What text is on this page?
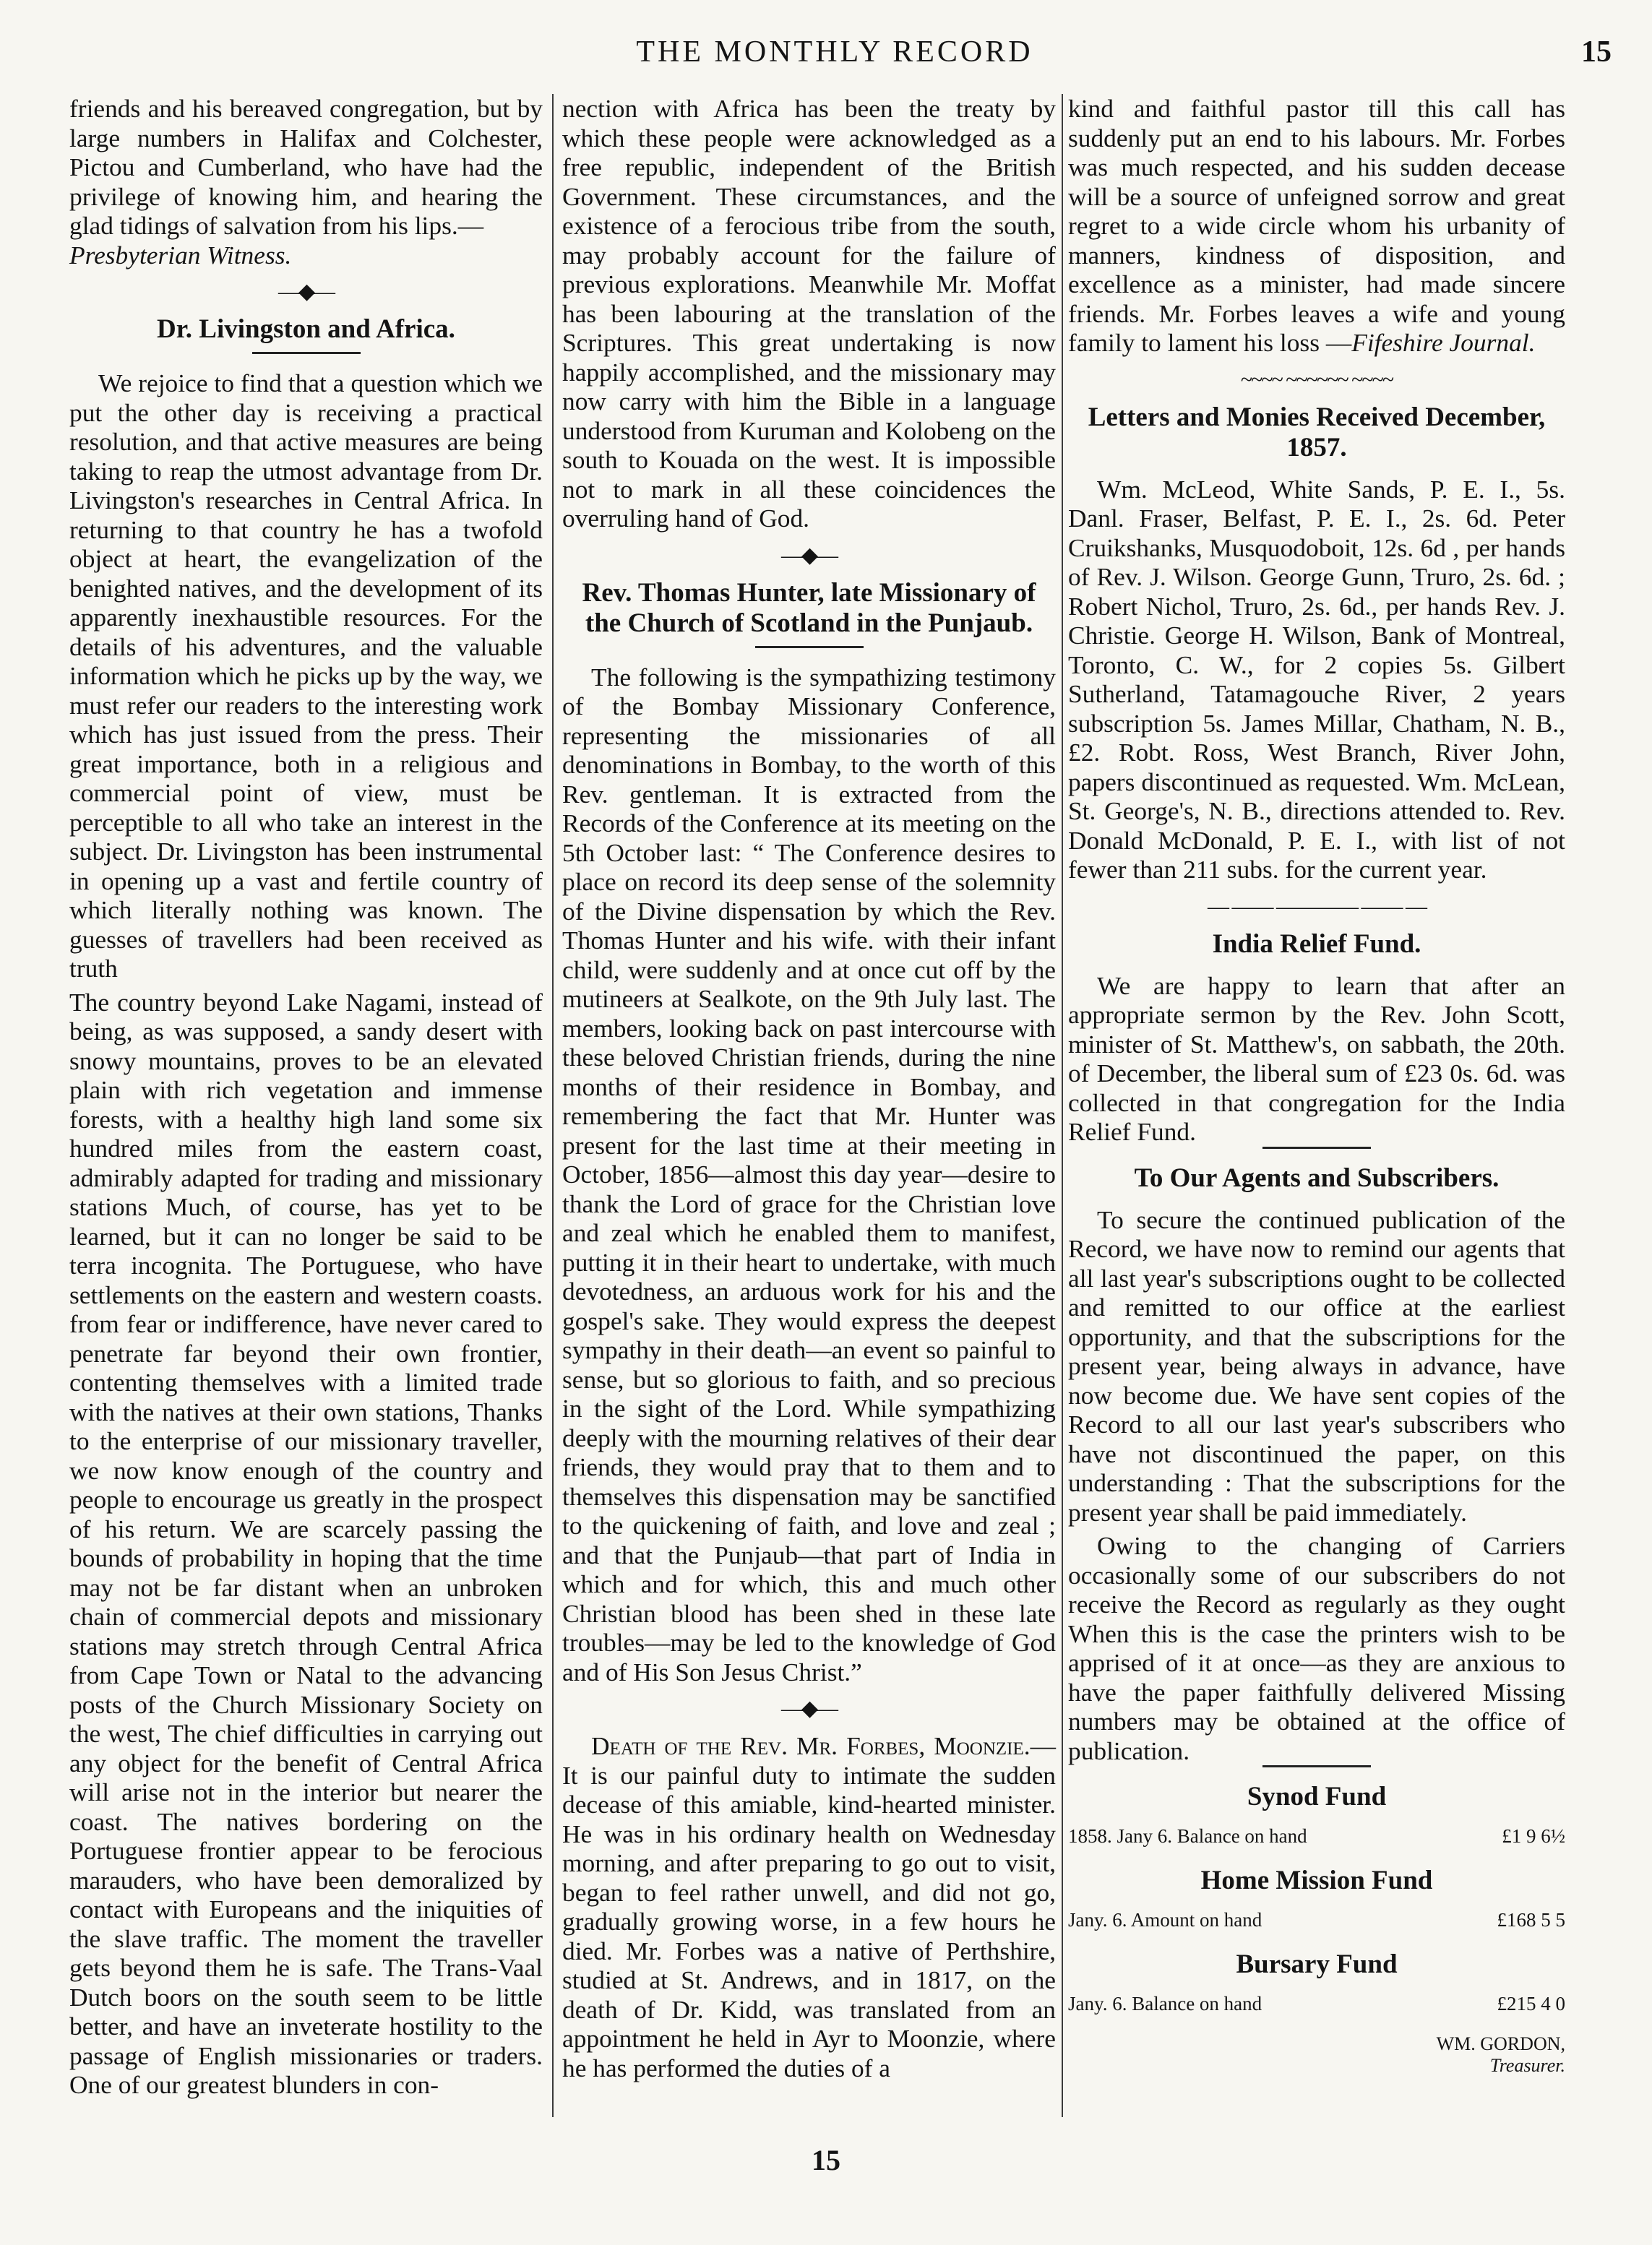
THE MONTHLY RECORD	15

friends and his bereaved congregation, but by large numbers in Halifax and Colchester, Pictou and Cumberland, who have had the privilege of knowing him, and hearing the glad tidings of salvation from his lips.—
Presbyterian Witness.

—◆—
Dr. Livingston and Africa.

We rejoice to find that a question which we put the other day is receiving a practical resolution, and that active measures are being taking to reap the utmost advantage from Dr. Livingston's researches in Central Africa. In returning to that country he has a twofold object at heart, the evangelization of the benighted natives, and the development of its apparently inexhaustible resources. For the details of his adventures, and the valuable information which he picks up by the way, we must refer our readers to the interesting work which has just issued from the press. Their great importance, both in a religious and commercial point of view, must be perceptible to all who take an interest in the subject. Dr. Livingston has been instrumental in opening up a vast and fertile country of which literally nothing was known. The guesses of travellers had been received as truth

The country beyond Lake Nagami, instead of being, as was supposed, a sandy desert with snowy mountains, proves to be an elevated plain with rich vegetation and immense forests, with a healthy high land some six hundred miles from the eastern coast, admirably adapted for trading and missionary stations Much, of course, has yet to be learned, but it can no longer be said to be terra incognita. The Portuguese, who have settlements on the eastern and western coasts. from fear or indifference, have never cared to penetrate far beyond their own frontier, contenting themselves with a limited trade with the natives at their own stations, Thanks to the enterprise of our missionary traveller, we now know enough of the country and people to encourage us greatly in the prospect of his return. We are scarcely passing the bounds of probability in hoping that the time may not be far distant when an unbroken chain of commercial depots and missionary stations may stretch through Central Africa from Cape Town or Natal to the advancing posts of the Church Missionary Society on the west, The chief difficulties in carrying out any object for the benefit of Central Africa will arise not in the interior but nearer the coast. The natives bordering on the Portuguese frontier appear to be ferocious marauders, who have been demoralized by contact with Europeans and the iniquities of the slave traffic. The moment the traveller gets beyond them he is safe. The Trans-Vaal Dutch boors on the south seem to be little better, and have an inveterate hostility to the passage of English missionaries or traders. One of our greatest blunders in con-

nection with Africa has been the treaty by which these people were acknowledged as a free republic, independent of the British Government. These circumstances, and the existence of a ferocious tribe from the south, may probably account for the failure of previous explorations. Meanwhile Mr. Moffat has been labouring at the translation of the Scriptures. This great undertaking is now happily accomplished, and the missionary may now carry with him the Bible in a language understood from Kuruman and Kolobeng on the south to Kouada on the west. It is impossible not to mark in all these coincidences the overruling hand of God.

—◆—
Rev. Thomas Hunter, late Missionary of the Church of Scotland in the Punjaub.

The following is the sympathizing testimony of the Bombay Missionary Conference, representing the missionaries of all denominations in Bombay, to the worth of this Rev. gentleman. It is extracted from the Records of the Conference at its meeting on the 5th October last: “ The Conference desires to place on record its deep sense of the solemnity of the Divine dispensation by which the Rev. Thomas Hunter and his wife. with their infant child, were suddenly and at once cut off by the mutineers at Sealkote, on the 9th July last. The members, looking back on past intercourse with these beloved Christian friends, during the nine months of their residence in Bombay, and remembering the fact that Mr. Hunter was present for the last time at their meeting in October, 1856—almost this day year—desire to thank the Lord of grace for the Christian love and zeal which he enabled them to manifest, putting it in their heart to undertake, with much devotedness, an arduous work for his and the gospel's sake. They would express the deepest sympathy in their death—an event so painful to sense, but so glorious to faith, and so precious in the sight of the Lord. While sympathizing deeply with the mourning relatives of their dear friends, they would pray that to them and to themselves this dispensation may be sanctified to the quickening of faith, and love and zeal ; and that the Punjaub—that part of India in which and for which, this and much other Christian blood has been shed in these late troubles—may be led to the knowledge of God and of His Son Jesus Christ.”

—◆—

Death of the Rev. Mr. Forbes, Moonzie.—It is our painful duty to intimate the sudden decease of this amiable, kind-hearted minister. He was in his ordinary health on Wednesday morning, and after preparing to go out to visit, began to feel rather unwell, and did not go, gradually growing worse, in a few hours he died. Mr. Forbes was a native of Perthshire, studied at St. Andrews, and in 1817, on the death of Dr. Kidd, was translated from an appointment he held in Ayr to Moonzie, where he has performed the duties of a

kind and faithful pastor till this call has suddenly put an end to his labours. Mr. Forbes was much respected, and his sudden decease will be a source of unfeigned sorrow and great regret to a wide circle whom his urbanity of manners, kindness of disposition, and excellence as a minister, had made sincere friends. Mr. Forbes leaves a wife and young family to lament his loss —Fifeshire Journal.

~~~~ ~~~~~~ ~~~~
Letters and Monies Received December, 1857.

Wm. McLeod, White Sands, P. E. I., 5s. Danl. Fraser, Belfast, P. E. I., 2s. 6d. Peter Cruikshanks, Musquodoboit, 12s. 6d , per hands of Rev. J. Wilson. George Gunn, Truro, 2s. 6d. ; Robert Nichol, Truro, 2s. 6d., per hands Rev. J. Christie. George H. Wilson, Bank of Montreal, Toronto, C. W., for 2 copies 5s. Gilbert Sutherland, Tatamagouche River, 2 years subscription 5s. James Millar, Chatham, N. B., £2. Robt. Ross, West Branch, River John, papers discontinued as requested. Wm. McLean, St. George's, N. B., directions attended to. Rev. Donald McDonald, P. E. I., with list of not fewer than 211 subs. for the current year.

— —— ———— —— —
India Relief Fund.

We are happy to learn that after an appropriate sermon by the Rev. John Scott, minister of St. Matthew's, on sabbath, the 20th. of December, the liberal sum of £23 0s. 6d. was collected in that congregation for the India Relief Fund.

To Our Agents and Subscribers.

To secure the continued publication of the Record, we have now to remind our agents that all last year's subscriptions ought to be collected and remitted to our office at the earliest opportunity, and that the subscriptions for the present year, being always in advance, have now become due. We have sent copies of the Record to all our last year's subscribers who have not discontinued the paper, on this understanding : That the subscriptions for the present year shall be paid immediately.

Owing to the changing of Carriers occasionally some of our subscribers do not receive the Record as regularly as they ought When this is the case the printers wish to be apprised of it at once—as they are anxious to have the paper faithfully delivered Missing numbers may be obtained at the office of publication.

Synod Fund
1858. Jany 6. Balance on hand	£1 9 6½
Home Mission Fund
Jany. 6. Amount on hand	£168 5 5
Bursary Fund
Jany. 6. Balance on hand	£215 4 0
WM. GORDON,
Treasurer.
15
